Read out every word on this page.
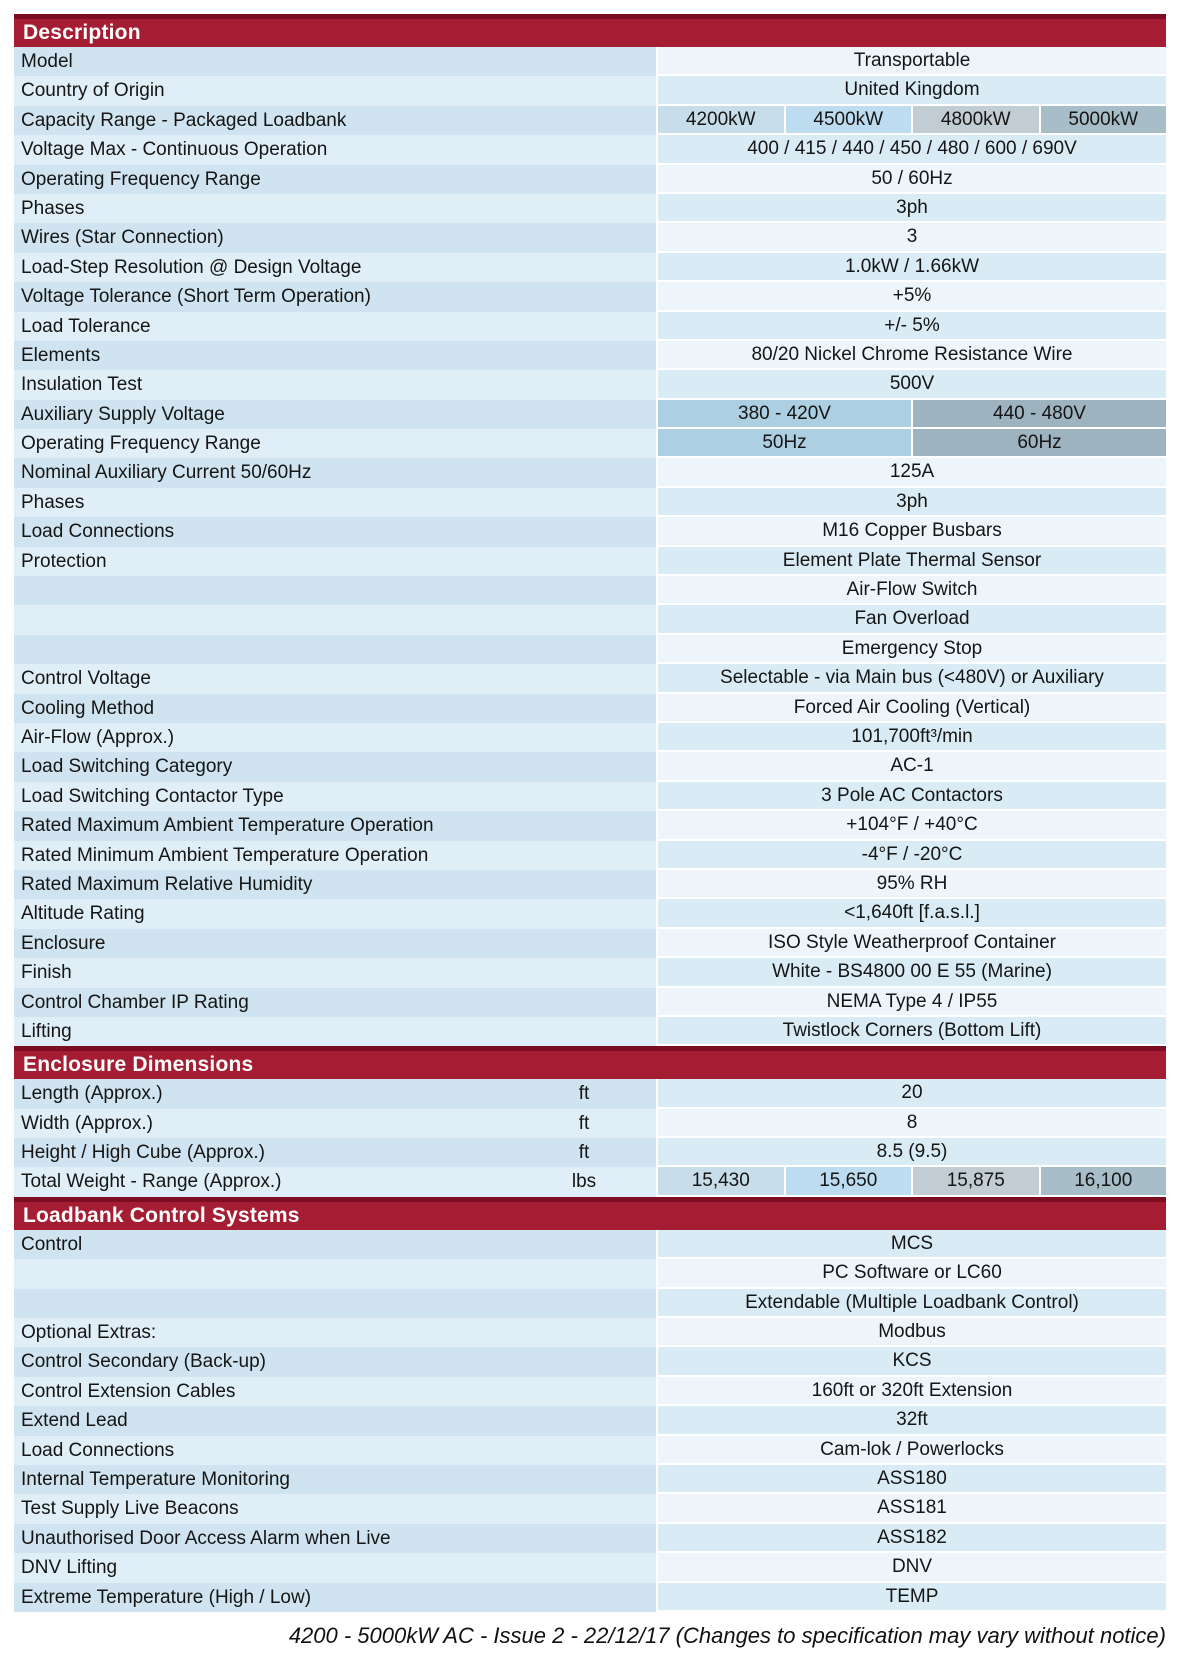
Description
Model	Transportable
Country of Origin	United Kingdom
Capacity Range - Packaged Loadbank	4200kW	4500kW	4800kW	5000kW
Voltage Max - Continuous Operation	400 / 415 / 440 / 450 / 480 / 600 / 690V
Operating Frequency Range	50 / 60Hz
Phases	3ph
Wires (Star Connection)	3
Load-Step Resolution @ Design Voltage	1.0kW / 1.66kW
Voltage Tolerance (Short Term Operation)	+5%
Load Tolerance	+/- 5%
Elements	80/20 Nickel Chrome Resistance Wire
Insulation Test	500V
Auxiliary Supply Voltage	380 - 420V	440 - 480V
Operating Frequency Range	50Hz	60Hz
Nominal Auxiliary Current 50/60Hz	125A
Phases	3ph
Load Connections	M16 Copper Busbars
Protection	Element Plate Thermal Sensor
Air-Flow Switch
Fan Overload
Emergency Stop
Control Voltage	Selectable - via Main bus (<480V) or Auxiliary
Cooling Method	Forced Air Cooling (Vertical)
Air-Flow (Approx.)	101,700ft³/min
Load Switching Category	AC-1
Load Switching Contactor Type	3 Pole AC Contactors
Rated Maximum Ambient Temperature Operation	+104°F / +40°C
Rated Minimum Ambient Temperature Operation	-4°F / -20°C
Rated Maximum Relative Humidity	95% RH
Altitude Rating	<1,640ft [f.a.s.l.]
Enclosure	ISO Style Weatherproof Container
Finish	White - BS4800 00 E 55 (Marine)
Control Chamber IP Rating	NEMA Type 4 / IP55
Lifting	Twistlock Corners (Bottom Lift)
Enclosure Dimensions
Length (Approx.)	ft	20
Width (Approx.)	ft	8
Height / High Cube (Approx.)	ft	8.5 (9.5)
Total Weight - Range (Approx.)	lbs	15,430	15,650	15,875	16,100
Loadbank Control Systems
Control	MCS
PC Software or LC60
Extendable (Multiple Loadbank Control)
Optional Extras:	Modbus
Control Secondary (Back-up)	KCS
Control Extension Cables	160ft or 320ft Extension
Extend Lead	32ft
Load Connections	Cam-lok / Powerlocks
Internal Temperature Monitoring	ASS180
Test Supply Live Beacons	ASS181
Unauthorised Door Access Alarm when Live	ASS182
DNV Lifting	DNV
Extreme Temperature (High / Low)	TEMP
4200 - 5000kW AC - Issue 2 - 22/12/17 (Changes to specification may vary without notice)
